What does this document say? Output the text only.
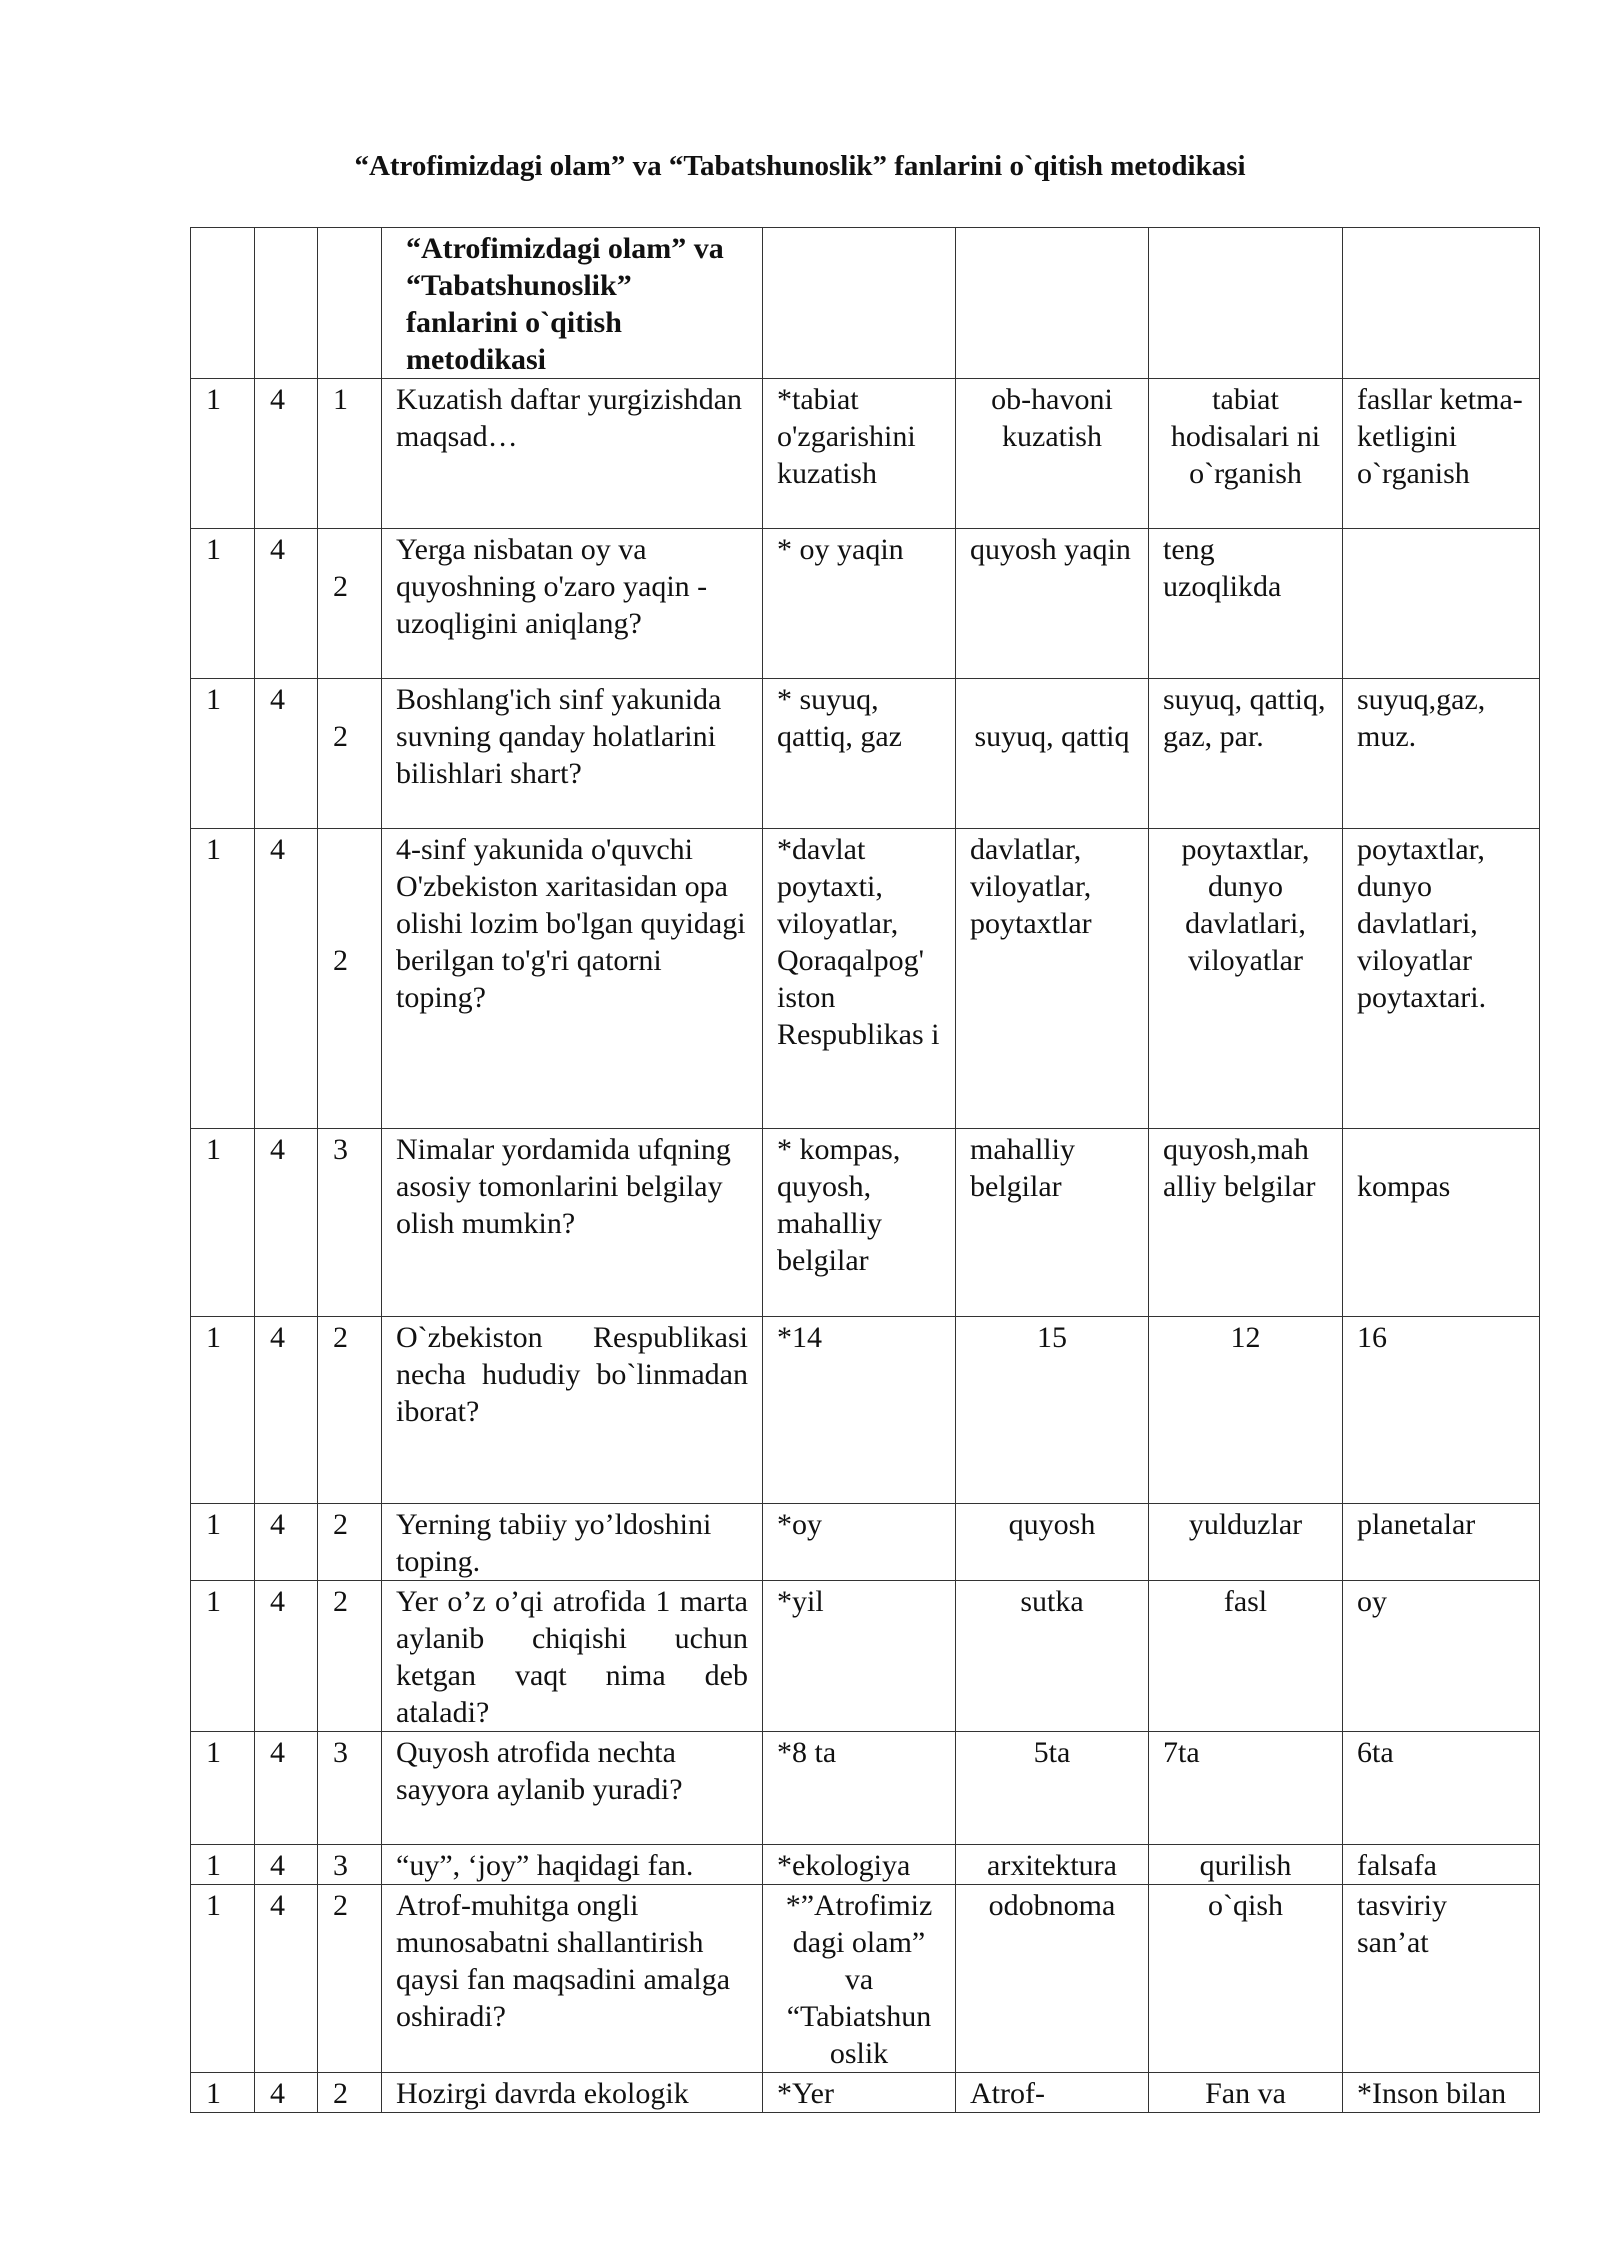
“Atrofimizdagi olam” va “Tabatshunoslik” fanlarini o`qitish metodikasi
			“Atrofimizdagi olam” va “Tabatshunoslik” fanlarini o`qitish metodikasi				
1	4	1	Kuzatish daftar yurgizishdan maqsad…	*tabiat o'zgarishini kuzatish	ob-havoni kuzatish	tabiat hodisalari ni o`rganish	fasllar ketma-ketligini o`rganish
1	4	2	Yerga nisbatan oy va quyoshning o'zaro yaqin - uzoqligini aniqlang?	* oy yaqin	quyosh yaqin	teng uzoqlikda	
1	4	2	Boshlang'ich sinf yakunida suvning qanday holatlarini bilishlari shart?	* suyuq, qattiq, gaz	suyuq, qattiq	suyuq, qattiq, gaz, par.	suyuq,gaz, muz.
1	4	2	4-sinf yakunida o'quvchi O'zbekiston xaritasidan opa olishi lozim bo'lgan quyidagi berilgan to'g'ri qatorni toping?	*davlat poytaxti, viloyatlar, Qoraqalpog' iston Respublikas i	davlatlar, viloyatlar, poytaxtlar	poytaxtlar, dunyo davlatlari, viloyatlar	poytaxtlar, dunyo davlatlari, viloyatlar poytaxtari.
1	4	3	Nimalar yordamida ufqning asosiy tomonlarini belgilay olish mumkin?	* kompas, quyosh, mahalliy belgilar	mahalliy belgilar	quyosh,mah alliy belgilar	kompas
1	4	2	O`zbekiston Respublikasi necha hududiy bo`linmadan iborat?	*14	15	12	16
1	4	2	Yerning tabiiy yo’ldoshini toping.	*oy	quyosh	yulduzlar	planetalar
1	4	2	Yer o’z o’qi atrofida 1 marta aylanib chiqishi uchun ketgan vaqt nima deb ataladi?	*yil	sutka	fasl	oy
1	4	3	Quyosh atrofida nechta sayyora aylanib yuradi?	*8 ta	5ta	7ta	6ta
1	4	3	“uy”, ‘joy” haqidagi fan.	*ekologiya	arxitektura	qurilish	falsafa
1	4	2	Atrof-muhitga ongli munosabatni shallantirish qaysi fan maqsadini amalga oshiradi?	*”Atrofimiz dagi olam” va “Tabiatshun oslik	odobnoma	o`qish	tasviriy san’at
1	4	2	Hozirgi davrda ekologik	*Yer	Atrof-	Fan va	*Inson bilan
